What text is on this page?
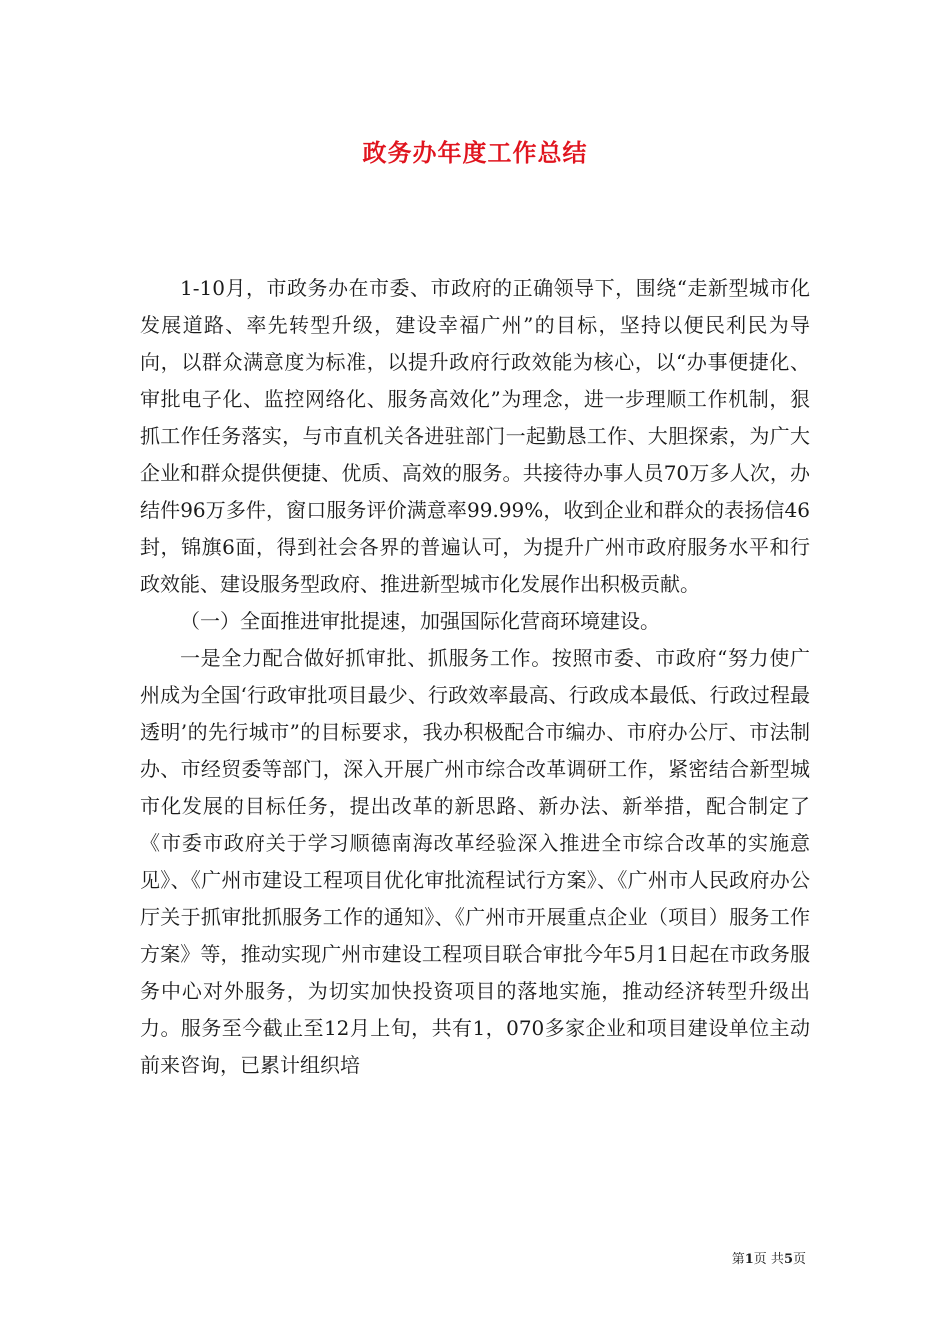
政务办年度工作总结

1-10月，市政务办在市委、市政府的正确领导下，围绕“走新型城市化发展道路、率先转型升级，建设幸福广州”的目标，坚持以便民利民为导向，以群众满意度为标准，以提升政府行政效能为核心，以“办事便捷化、审批电子化、监控网络化、服务高效化”为理念，进一步理顺工作机制，狠抓工作任务落实，与市直机关各进驻部门一起勤恳工作、大胆探索，为广大企业和群众提供便捷、优质、高效的服务。共接待办事人员70万多人次，办结件96万多件，窗口服务评价满意率99.99%，收到企业和群众的表扬信46封，锦旗6面，得到社会各界的普遍认可，为提升广州市政府服务水平和行政效能、建设服务型政府、推进新型城市化发展作出积极贡献。

（一）全面推进审批提速，加强国际化营商环境建设。

一是全力配合做好抓审批、抓服务工作。按照市委、市政府“努力使广州成为全国‘行政审批项目最少、行政效率最高、行政成本最低、行政过程最透明’的先行城市”的目标要求，我办积极配合市编办、市府办公厅、市法制办、市经贸委等部门，深入开展广州市综合改革调研工作，紧密结合新型城市化发展的目标任务，提出改革的新思路、新办法、新举措，配合制定了《市委市政府关于学习顺德南海改革经验深入推进全市综合改革的实施意见》、《广州市建设工程项目优化审批流程试行方案》、《广州市人民政府办公厅关于抓审批抓服务工作的通知》、《广州市开展重点企业（项目）服务工作方案》等，推动实现广州市建设工程项目联合审批今年5月1日起在市政务服务中心对外服务，为切实加快投资项目的落地实施，推动经济转型升级出力。服务至今截止至12月上旬，共有1，070多家企业和项目建设单位主动前来咨询，已累计组织培

第1页 共5页
